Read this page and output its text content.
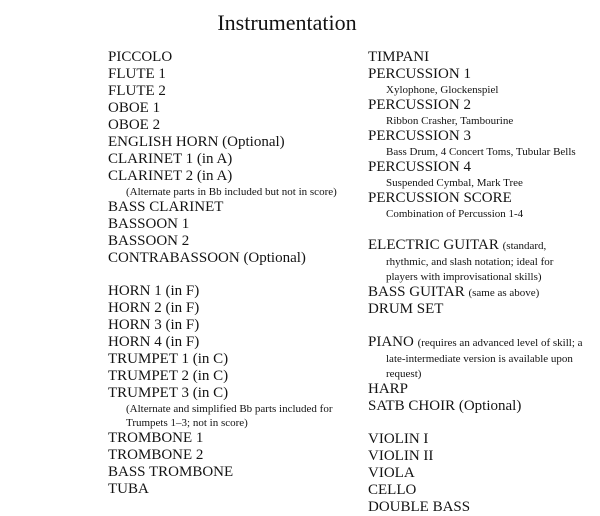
Instrumentation
PICCOLO
FLUTE 1
FLUTE 2
OBOE 1
OBOE 2
ENGLISH HORN (Optional)
CLARINET 1 (in A)
CLARINET 2 (in A)
(Alternate parts in Bb included but not in score)
BASS CLARINET
BASSOON 1
BASSOON 2
CONTRABASSOON (Optional)
HORN 1 (in F)
HORN 2 (in F)
HORN 3 (in F)
HORN 4 (in F)
TRUMPET 1 (in C)
TRUMPET 2 (in C)
TRUMPET 3 (in C)
(Alternate and simplified Bb parts included for Trumpets 1–3; not in score)
TROMBONE 1
TROMBONE 2
BASS TROMBONE
TUBA
TIMPANI
PERCUSSION 1
Xylophone, Glockenspiel
PERCUSSION 2
Ribbon Crasher, Tambourine
PERCUSSION 3
Bass Drum, 4 Concert Toms, Tubular Bells
PERCUSSION 4
Suspended Cymbal, Mark Tree
PERCUSSION SCORE
Combination of Percussion 1-4
ELECTRIC GUITAR (standard, rhythmic, and slash notation; ideal for players with improvisational skills)
BASS GUITAR (same as above)
DRUM SET
PIANO (requires an advanced level of skill; a late-intermediate version is available upon request)
HARP
SATB CHOIR (Optional)
VIOLIN I
VIOLIN II
VIOLA
CELLO
DOUBLE BASS
